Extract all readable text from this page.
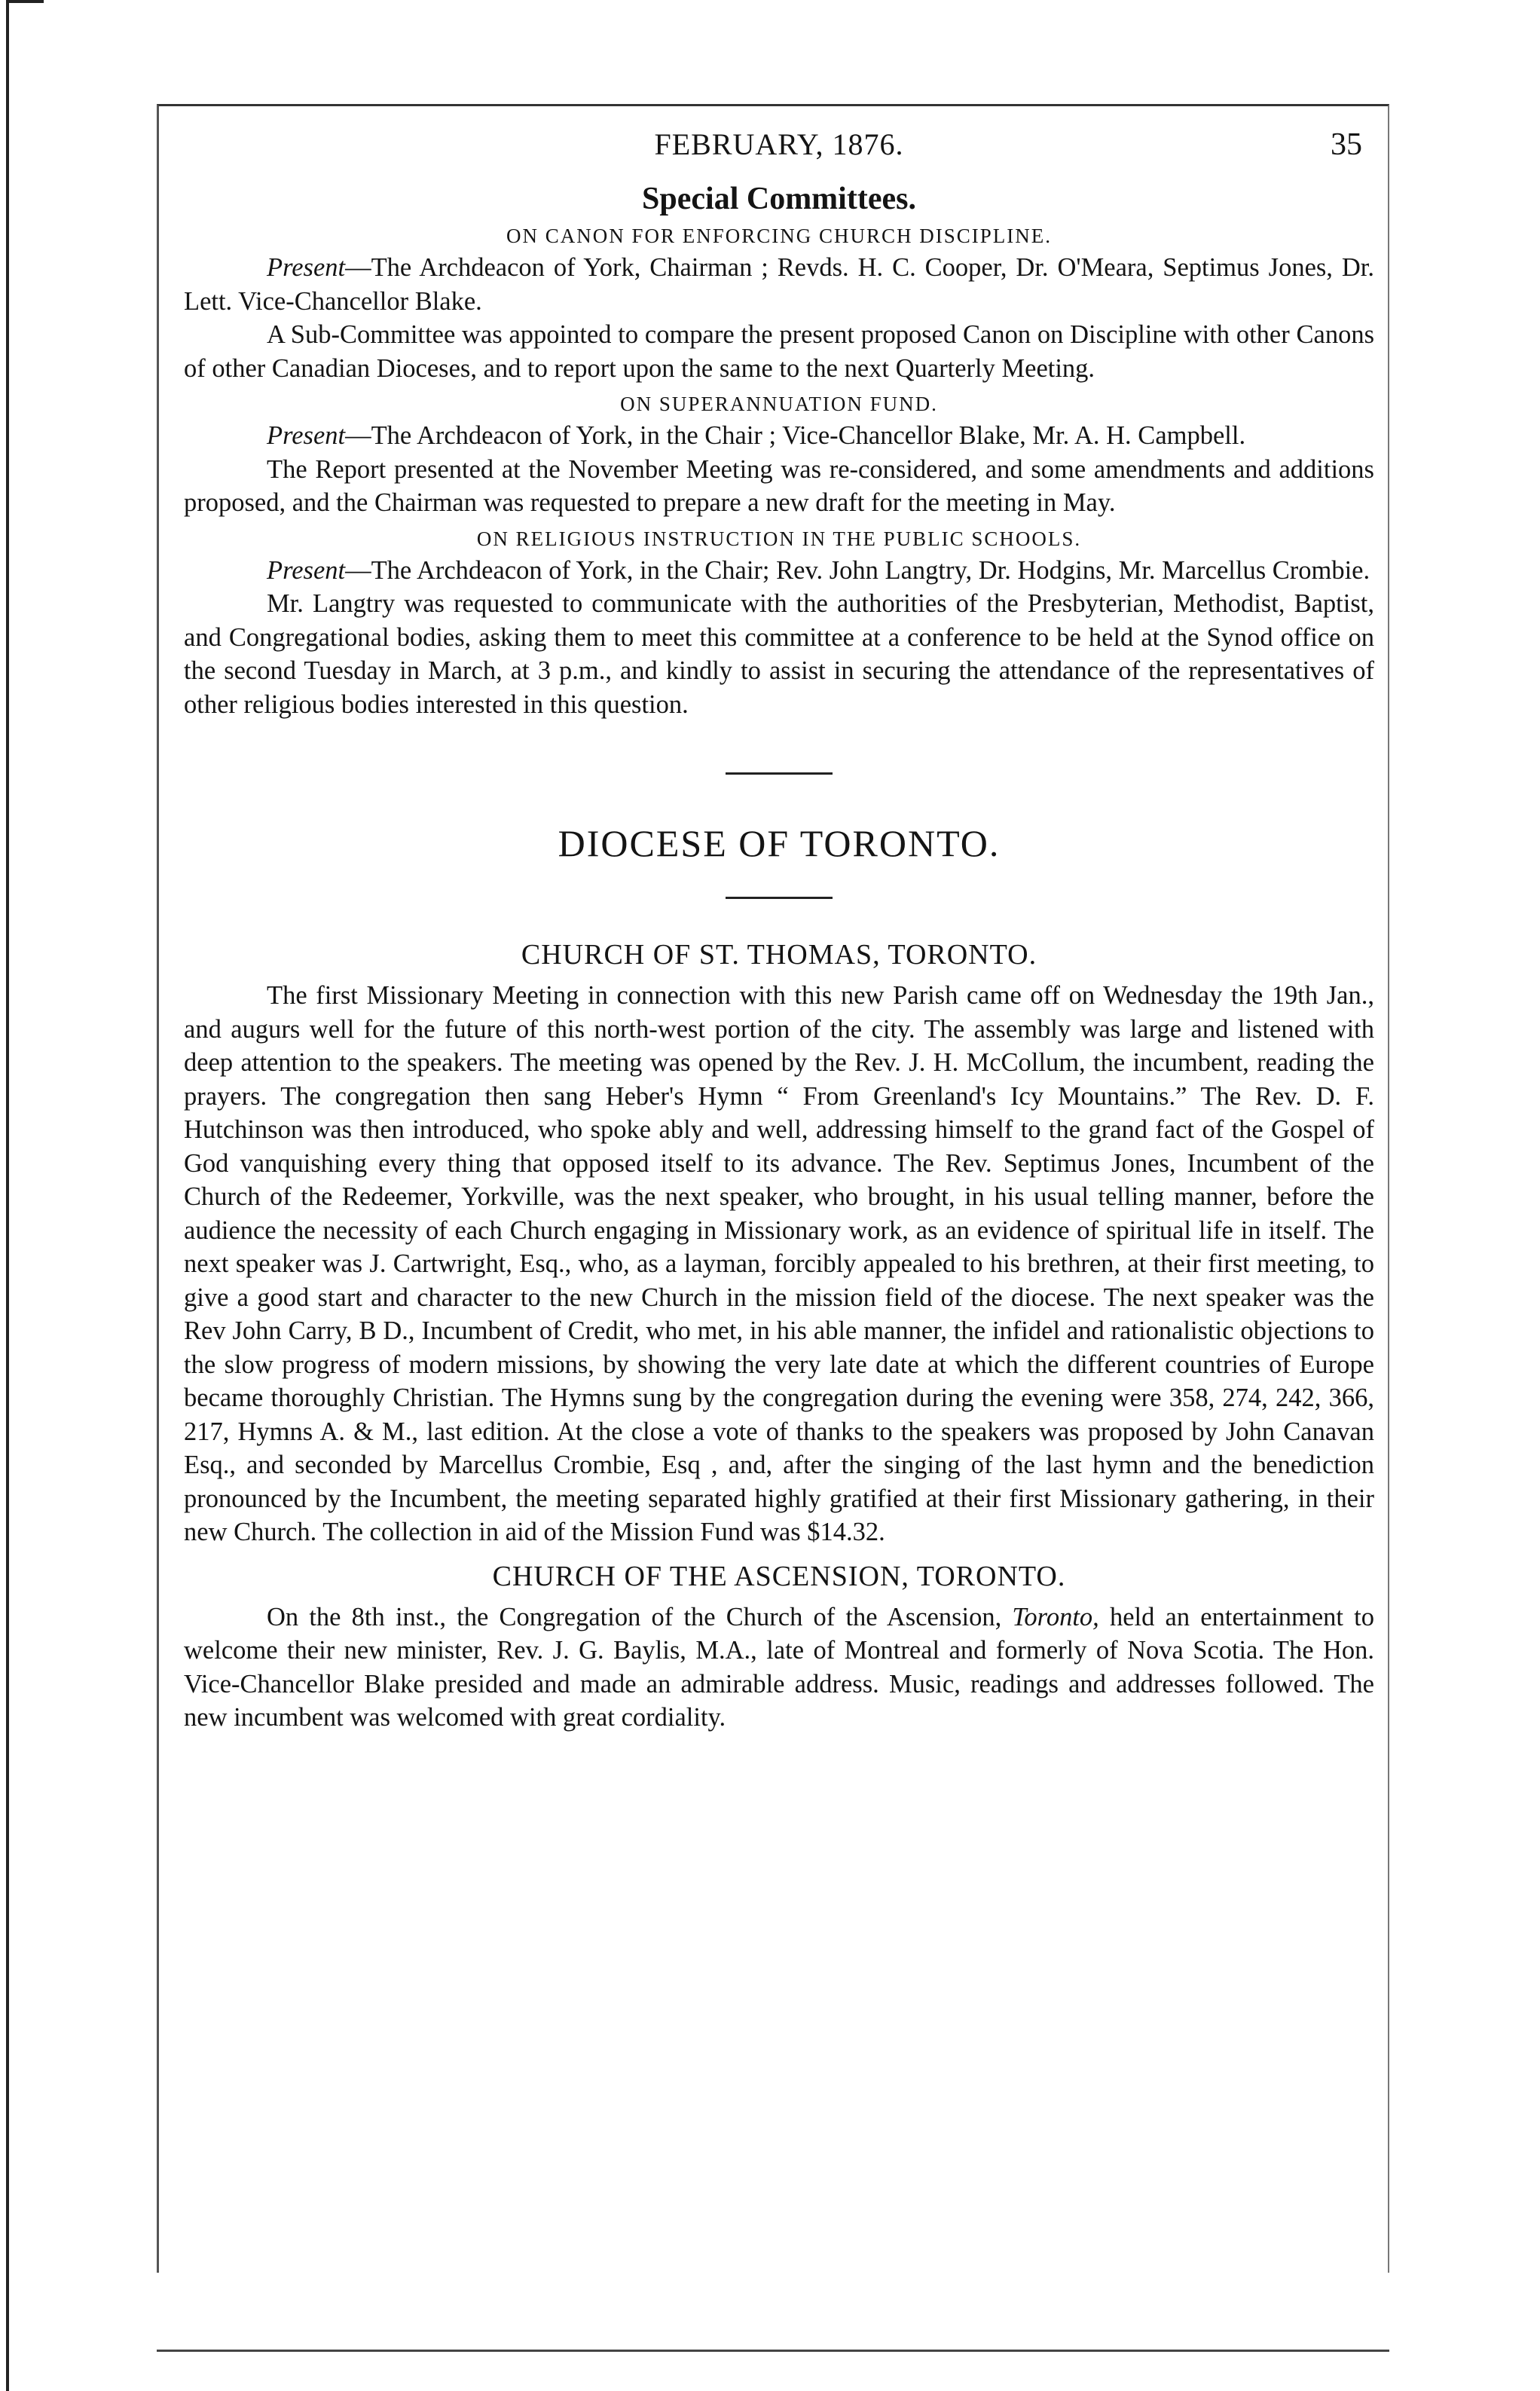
FEBRUARY, 1876.	35
Special Committees.
ON CANON FOR ENFORCING CHURCH DISCIPLINE.

Present—The Archdeacon of York, Chairman ; Revds. H. C. Cooper, Dr. O'Meara, Septimus Jones, Dr. Lett. Vice-Chancellor Blake.

A Sub-Committee was appointed to compare the present proposed Canon on Discipline with other Canons of other Canadian Dioceses, and to report upon the same to the next Quarterly Meeting.

ON SUPERANNUATION FUND.

Present—The Archdeacon of York, in the Chair ; Vice-Chancellor Blake, Mr. A. H. Campbell.

The Report presented at the November Meeting was re-considered, and some amendments and additions proposed, and the Chairman was requested to prepare a new draft for the meeting in May.

ON RELIGIOUS INSTRUCTION IN THE PUBLIC SCHOOLS.

Present—The Archdeacon of York, in the Chair; Rev. John Langtry, Dr. Hodgins, Mr. Marcellus Crombie.

Mr. Langtry was requested to communicate with the authorities of the Presbyterian, Methodist, Baptist, and Congregational bodies, asking them to meet this committee at a conference to be held at the Synod office on the second Tuesday in March, at 3 p.m., and kindly to assist in securing the attendance of the representatives of other religious bodies interested in this question.

DIOCESE OF TORONTO.
CHURCH OF ST. THOMAS, TORONTO.

The first Missionary Meeting in connection with this new Parish came off on Wednesday the 19th Jan., and augurs well for the future of this north-west portion of the city. The assembly was large and listened with deep attention to the speakers. The meeting was opened by the Rev. J. H. McCollum, the incumbent, reading the prayers. The congregation then sang Heber's Hymn “ From Greenland's Icy Mountains.” The Rev. D. F. Hutchinson was then introduced, who spoke ably and well, addressing himself to the grand fact of the Gospel of God vanquishing every thing that opposed itself to its advance. The Rev. Septimus Jones, Incumbent of the Church of the Redeemer, Yorkville, was the next speaker, who brought, in his usual telling manner, before the audience the necessity of each Church engaging in Missionary work, as an evidence of spiritual life in itself. The next speaker was J. Cartwright, Esq., who, as a layman, forcibly appealed to his brethren, at their first meeting, to give a good start and character to the new Church in the mission field of the diocese. The next speaker was the Rev John Carry, B D., Incumbent of Credit, who met, in his able manner, the infidel and rationalistic objections to the slow progress of modern missions, by showing the very late date at which the different countries of Europe became thoroughly Christian. The Hymns sung by the congregation during the evening were 358, 274, 242, 366, 217, Hymns A. & M., last edition. At the close a vote of thanks to the speakers was proposed by John Canavan Esq., and seconded by Marcellus Crombie, Esq , and, after the singing of the last hymn and the benediction pronounced by the Incumbent, the meeting separated highly gratified at their first Missionary gathering, in their new Church. The collection in aid of the Mission Fund was $14.32.

CHURCH OF THE ASCENSION, TORONTO.

On the 8th inst., the Congregation of the Church of the Ascension, Toronto, held an entertainment to welcome their new minister, Rev. J. G. Baylis, M.A., late of Montreal and formerly of Nova Scotia. The Hon. Vice-Chancellor Blake presided and made an admirable address. Music, readings and addresses followed. The new incumbent was welcomed with great cordiality.
